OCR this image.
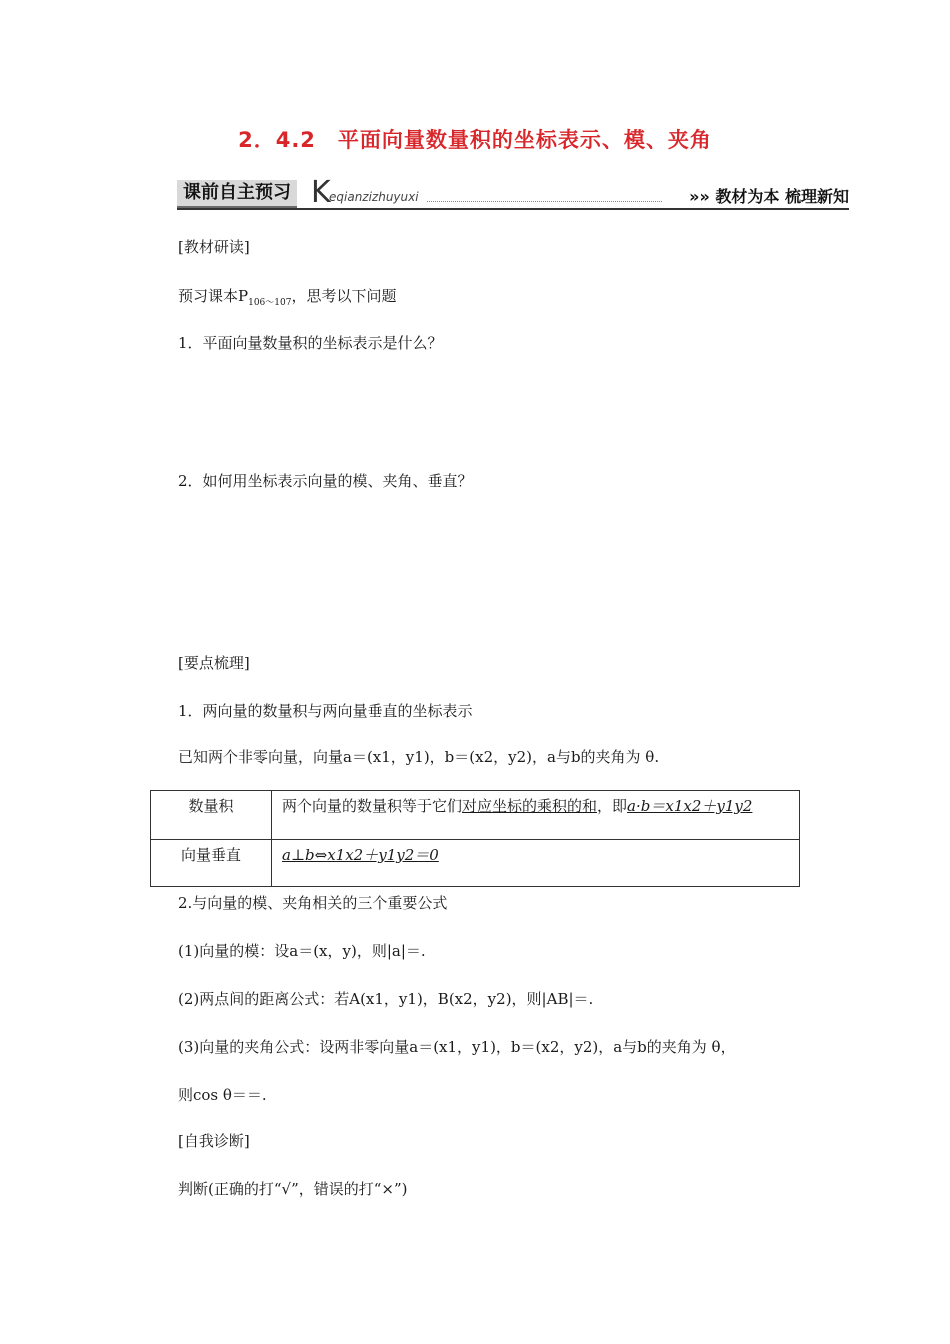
2．4.2　平面向量数量积的坐标表示、模、夹角
课前自主预习 K
eqianzizhuyuxi	»» 教材为本 梳理新知
[教材研读]
预习课本$P_{106\sim 107}$，思考以下问题
1．平面向量数量积的坐标表示是什么？
2．如何用坐标表示向量的模、夹角、垂直？
[要点梳理]
1．两向量的数量积与两向量垂直的坐标表示
已知两个非零向量，向量a＝(x1，y1)，b＝(x2，y2)，a与b的夹角为 θ.
数量积	两个向量的数量积等于它们对应坐标的乘积的和，即a·b＝x1x2＋y1y2
向量垂直	a⊥b⇔x1x2＋y1y2＝0
2.与向量的模、夹角相关的三个重要公式
(1)向量的模：设a＝(x，y)，则|a|＝.
(2)两点间的距离公式：若A(x1，y1)，B(x2，y2)，则|AB|＝.
(3)向量的夹角公式：设两非零向量a＝(x1，y1)，b＝(x2，y2)，a与b的夹角为 θ，
则cos θ＝＝.
[自我诊断]
判断(正确的打“√”，错误的打“×”)
